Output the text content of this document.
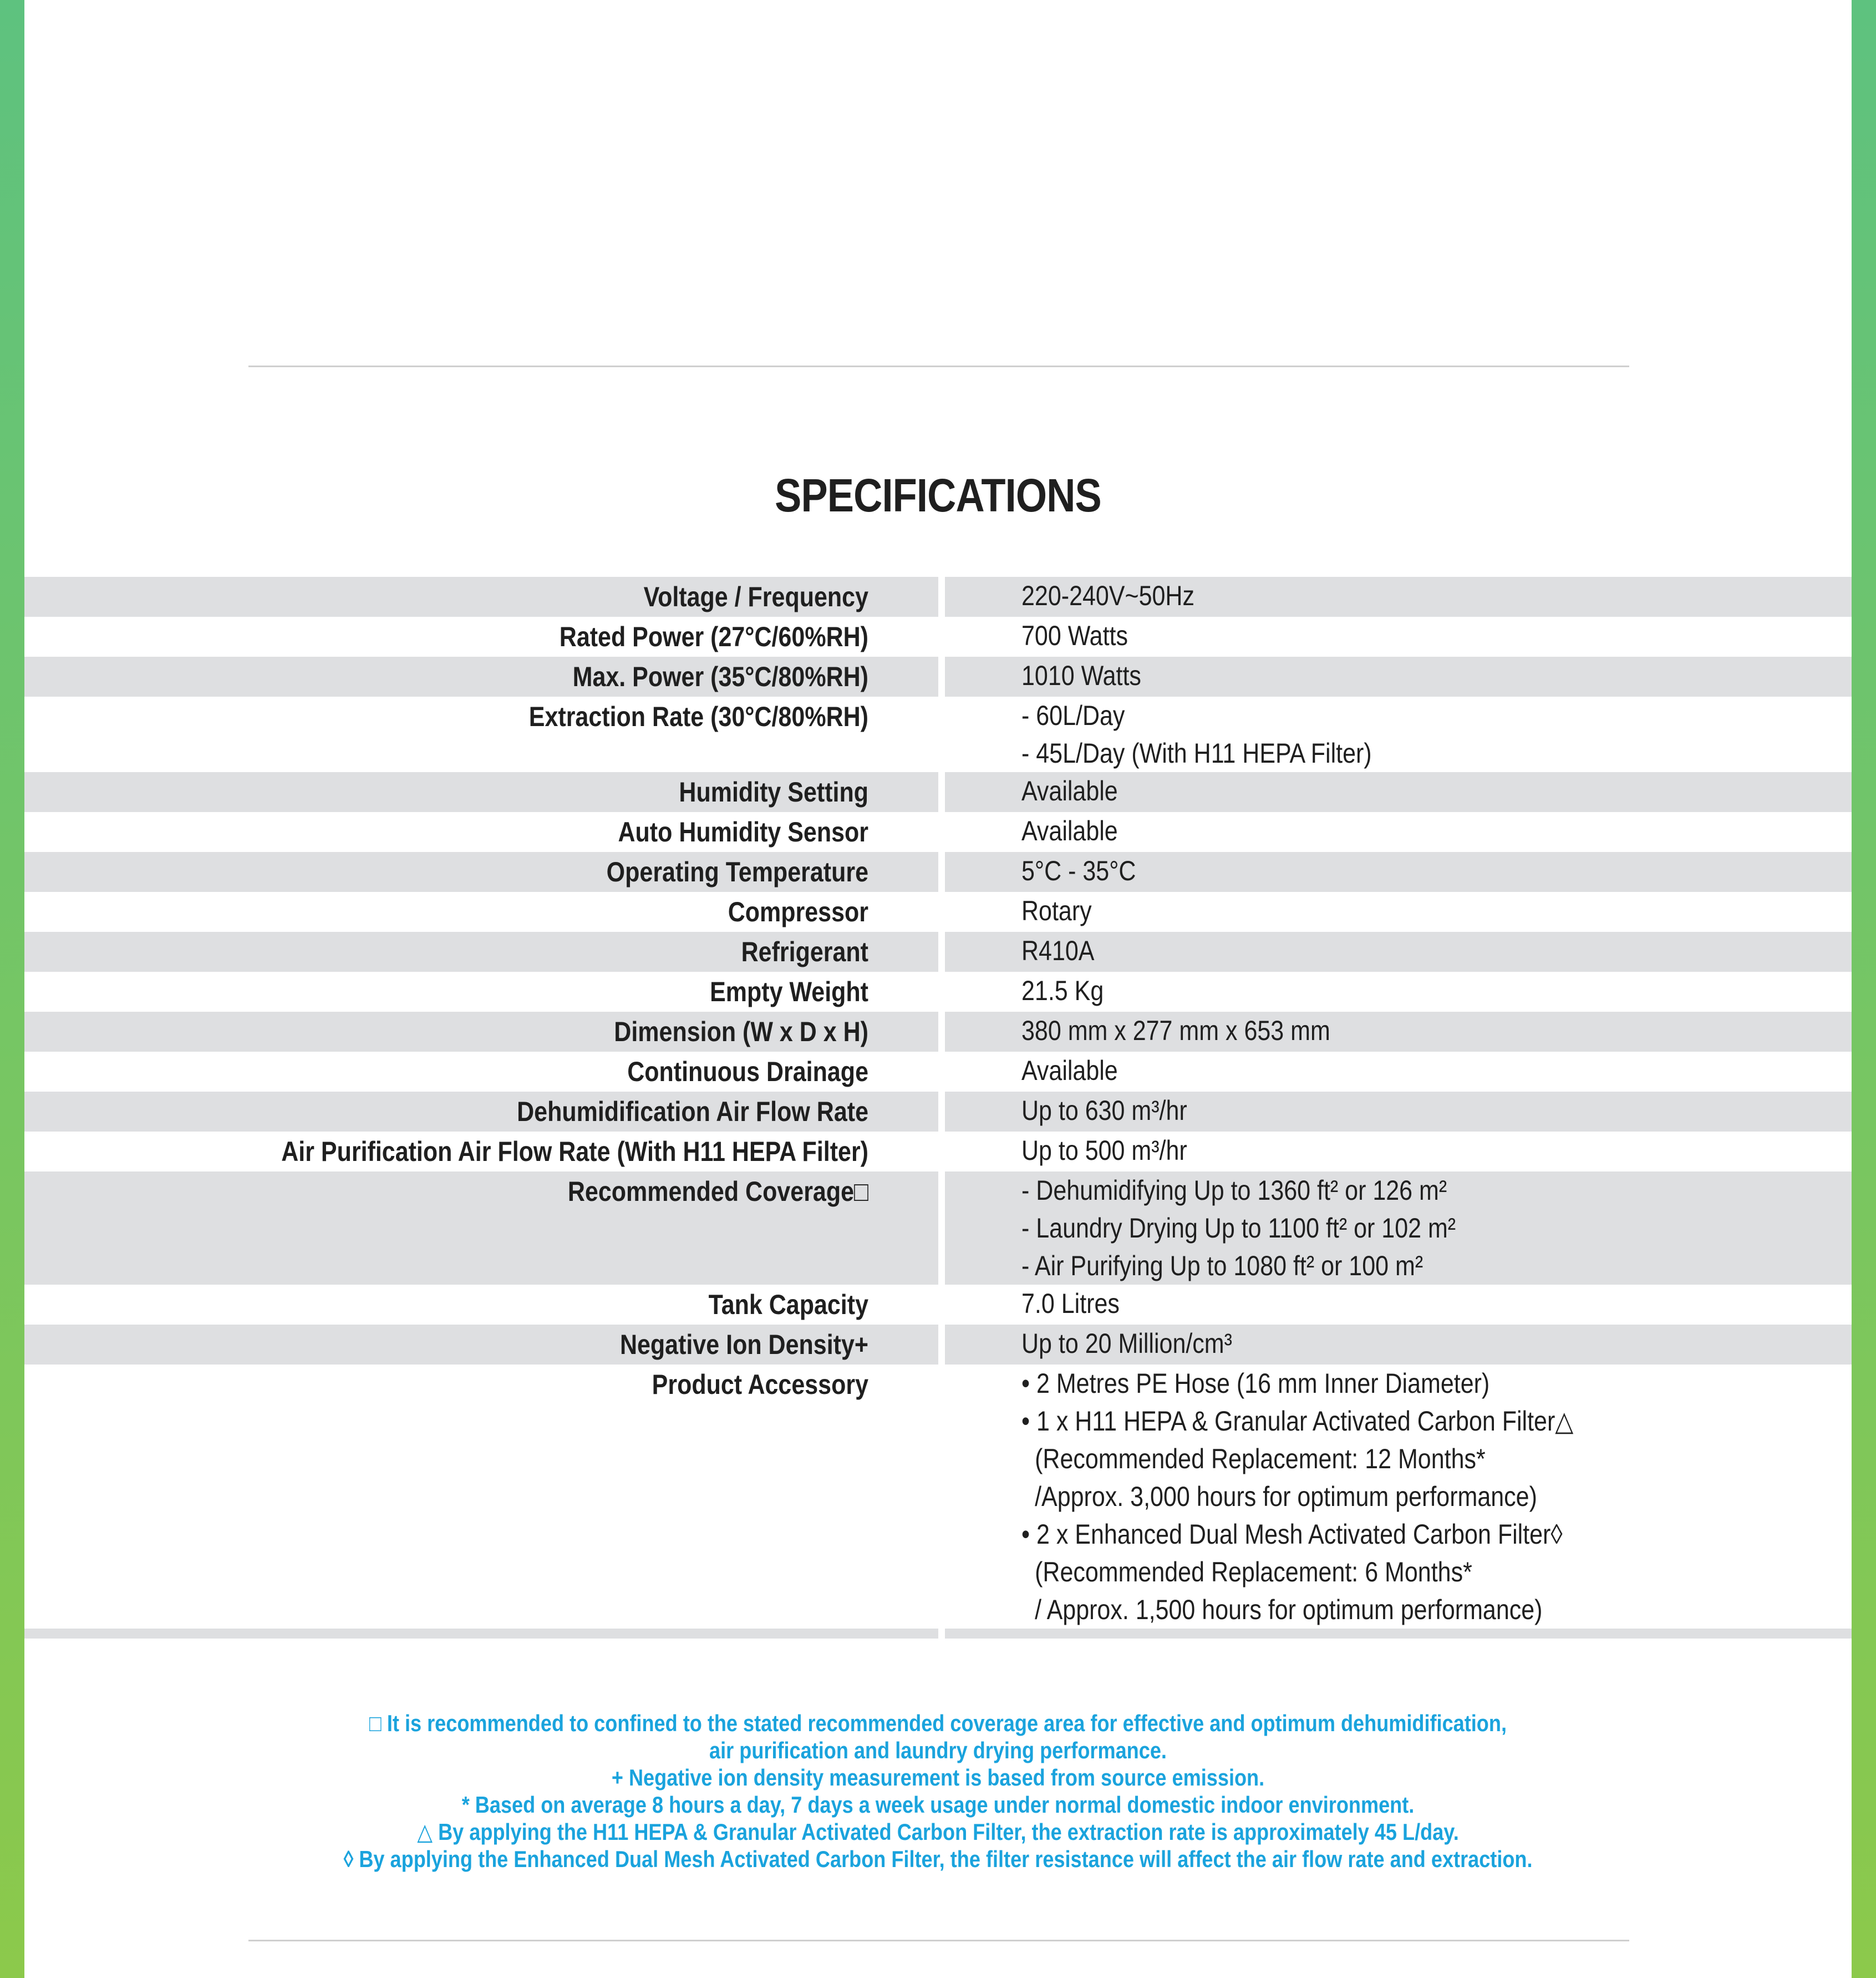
SPECIFICATIONS
Voltage / Frequency	220-240V~50Hz
Rated Power (27°C/60%RH)	700 Watts
Max. Power (35°C/80%RH)	1010 Watts
Extraction Rate (30°C/80%RH)	- 60L/Day
- 45L/Day (With H11 HEPA Filter)
Humidity Setting	Available
Auto Humidity Sensor	Available
Operating Temperature	5°C - 35°C
Compressor	Rotary
Refrigerant	R410A
Empty Weight	21.5 Kg
Dimension (W x D x H)	380 mm x 277 mm x 653 mm
Continuous Drainage	Available
Dehumidification Air Flow Rate	Up to 630 m³/hr
Air Purification Air Flow Rate (With H11 HEPA Filter)	Up to 500 m³/hr
Recommended Coverage□	- Dehumidifying Up to 1360 ft² or 126 m²
- Laundry Drying Up to 1100 ft² or 102 m²
- Air Purifying Up to 1080 ft² or 100 m²
Tank Capacity	7.0 Litres
Negative Ion Density+	Up to 20 Million/cm³
Product Accessory	• 2 Metres PE Hose (16 mm Inner Diameter)
• 1 x H11 HEPA & Granular Activated Carbon Filter△
(Recommended Replacement: 12 Months*
/Approx. 3,000 hours for optimum performance)
• 2 x Enhanced Dual Mesh Activated Carbon Filter◊
(Recommended Replacement: 6 Months*
/ Approx. 1,500 hours for optimum performance)
□ It is recommended to confined to the stated recommended coverage area for effective and optimum dehumidification,
air purification and laundry drying performance.
+ Negative ion density measurement is based from source emission.
* Based on average 8 hours a day, 7 days a week usage under normal domestic indoor environment.
△ By applying the H11 HEPA & Granular Activated Carbon Filter, the extraction rate is approximately 45 L/day.
◊ By applying the Enhanced Dual Mesh Activated Carbon Filter, the filter resistance will affect the air flow rate and extraction.
